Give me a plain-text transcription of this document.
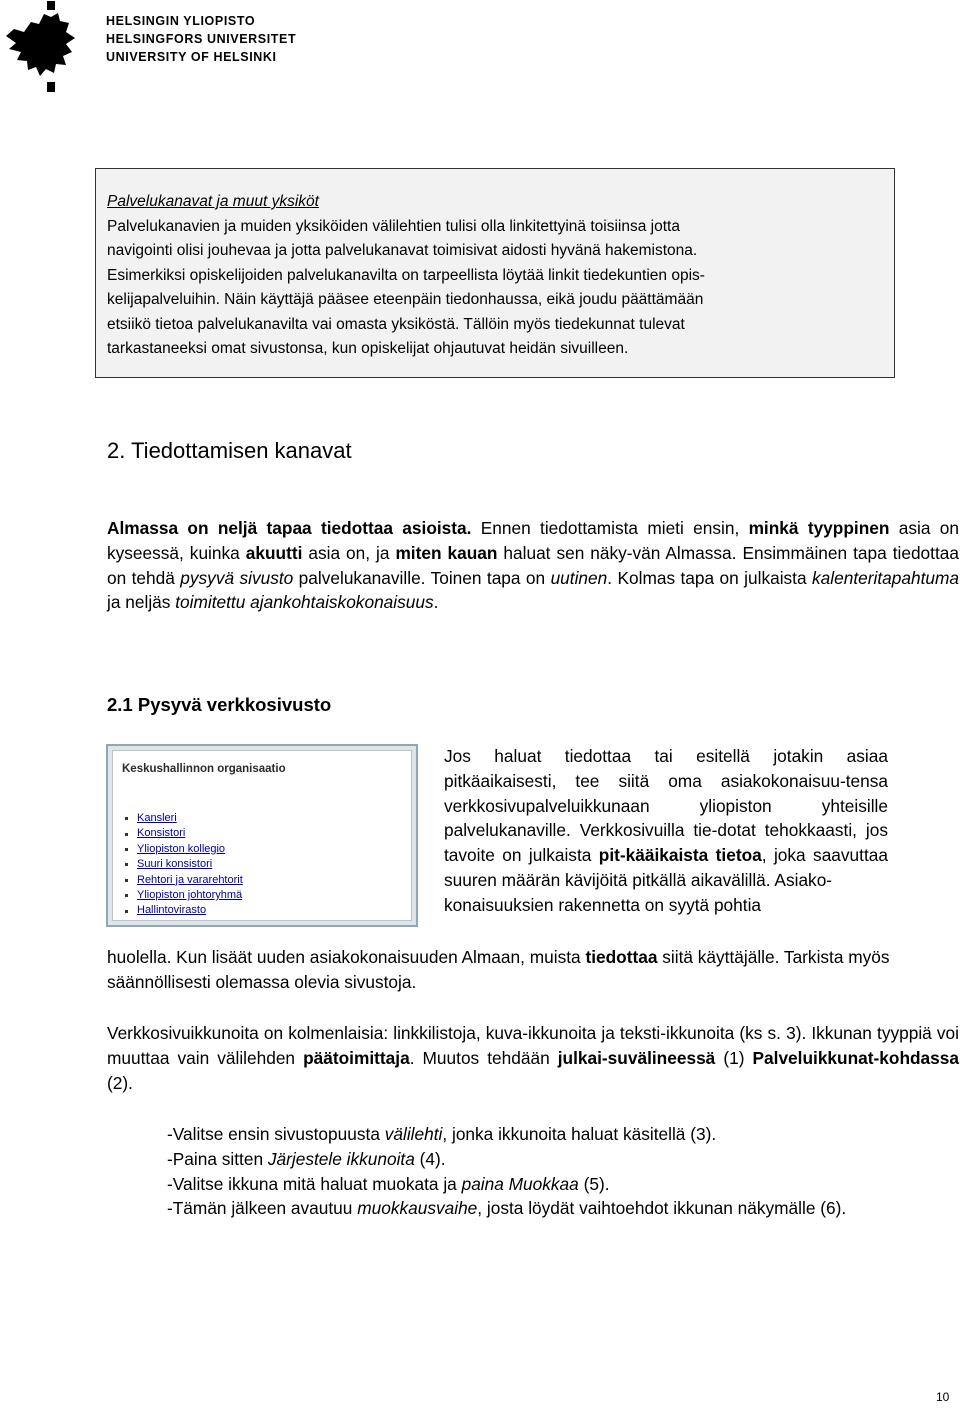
HELSINGIN YLIOPISTO
HELSINGFORS UNIVERSITET
UNIVERSITY OF HELSINKI
Palvelukanavat ja muut yksiköt
Palvelukanavien ja muiden yksiköiden välilehtien tulisi olla linkitettyinä toisiinsa jotta
navigointi olisi jouhevaa ja jotta palvelukanavat toimisivat aidosti hyvänä hakemistona.
Esimerkiksi opiskelijoiden palvelukanavilta on tarpeellista löytää linkit tiedekuntien opis-
kelijapalveluihin. Näin käyttäjä pääsee eteenpäin tiedonhaussa, eikä joudu päättämään
etsiikö tietoa palvelukanavilta vai omasta yksiköstä. Tällöin myös tiedekunnat tulevat
tarkastaneeksi omat sivustonsa, kun opiskelijat ohjautuvat heidän sivuilleen.
2. Tiedottamisen kanavat
Almassa on neljä tapaa tiedottaa asioista. Ennen tiedottamista mieti ensin, minkä tyyppinen asia on kyseessä, kuinka akuutti asia on, ja miten kauan haluat sen näky-vän Almassa. Ensimmäinen tapa tiedottaa on tehdä pysyvä sivusto palvelukanaville. Toinen tapa on uutinen. Kolmas tapa on julkaista kalenteritapahtuma ja neljäs toimitettu ajankohtaiskokonaisuus.
2.1 Pysyvä verkkosivusto
Keskushallinnon organisaatio
Kansleri
Konsistori
Yliopiston kollegio
Suuri konsistori
Rehtori ja vararehtorit
Yliopiston johtoryhmä
Hallintovirasto
Jos haluat tiedottaa tai esitellä jotakin asiaa pitkäaikaisesti, tee siitä oma asiakokonaisuu-tensa verkkosivupalveluikkunaan yliopiston yhteisille palvelukanaville. Verkkosivuilla tie-dotat tehokkaasti, jos tavoite on julkaista pit-kääikaista tietoa, joka saavuttaa suuren määrän kävijöitä pitkällä aikavälillä. Asiako-
konaisuuksien rakennetta on syytä pohtia
huolella. Kun lisäät uuden asiakokonaisuuden Almaan, muista tiedottaa siitä käyttäjälle. Tarkista myös säännöllisesti olemassa olevia sivustoja.
Verkkosivuikkunoita on kolmenlaisia: linkkilistoja, kuva-ikkunoita ja teksti-ikkunoita (ks s. 3). Ikkunan tyyppiä voi muuttaa vain välilehden päätoimittaja. Muutos tehdään julkai-suvälineessä (1) Palveluikkunat-kohdassa (2).
-Valitse ensin sivustopuusta välilehti, jonka ikkunoita haluat käsitellä (3).
-Paina sitten Järjestele ikkunoita (4).
-Valitse ikkuna mitä haluat muokata ja paina Muokkaa (5).
-Tämän jälkeen avautuu muokkausvaihe, josta löydät vaihtoehdot ikkunan näkymälle (6).
10
